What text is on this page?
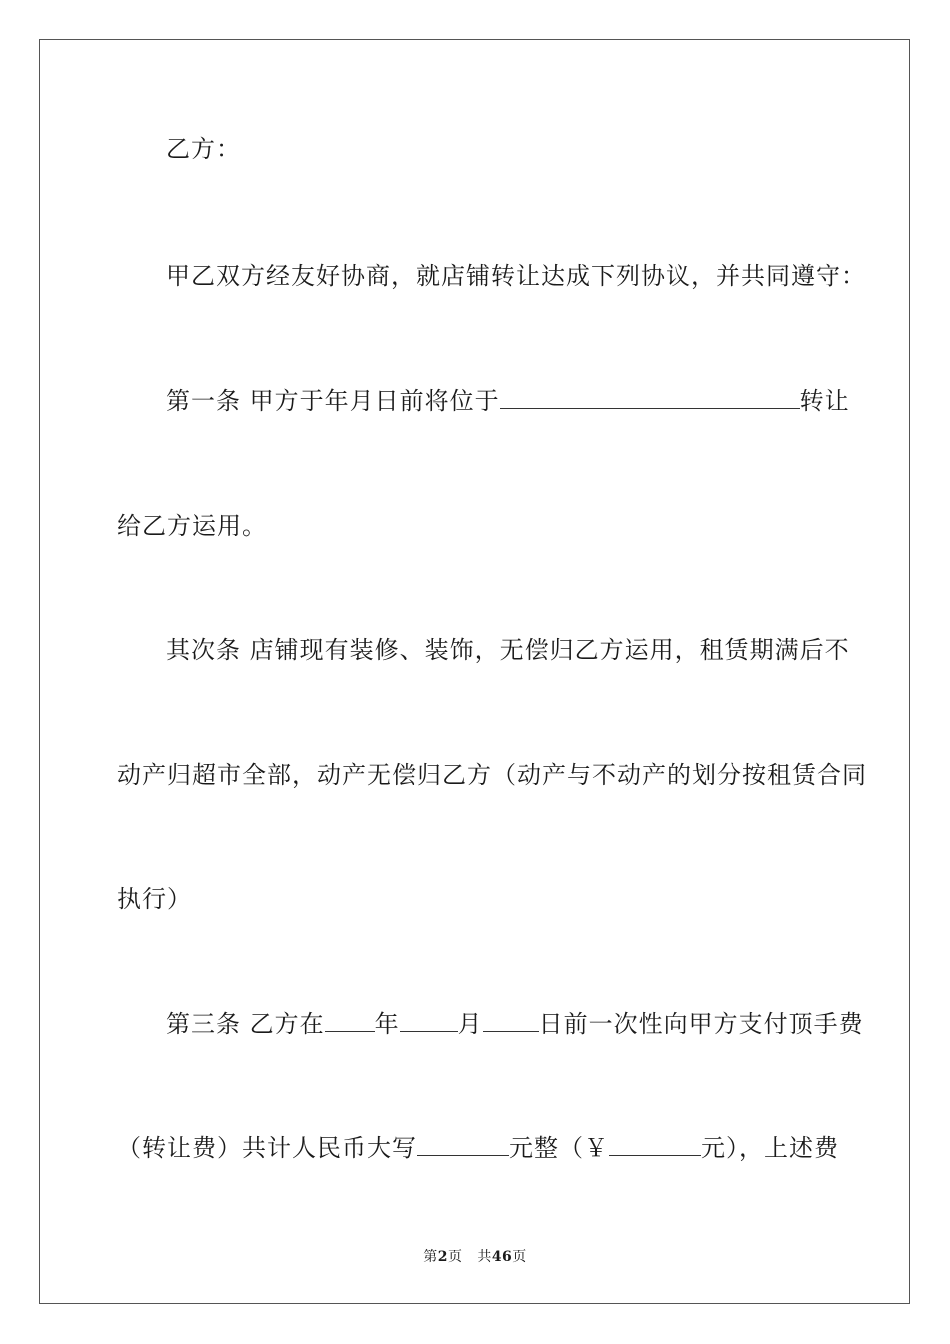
乙方：
甲乙双方经友好协商，就店铺转让达成下列协议，并共同遵守：
第一条 甲方于年月日前将位于	转让
给乙方运用。
其次条 店铺现有装修、装饰，无偿归乙方运用，租赁期满后不
动产归超市全部，动产无偿归乙方（动产与不动产的划分按租赁合同
执行）
第三条 乙方在 年 月 日前一次性向甲方支付顶手费
（转让费）共计人民币大写	元整（￥	元），上述费
第2页 共46页
